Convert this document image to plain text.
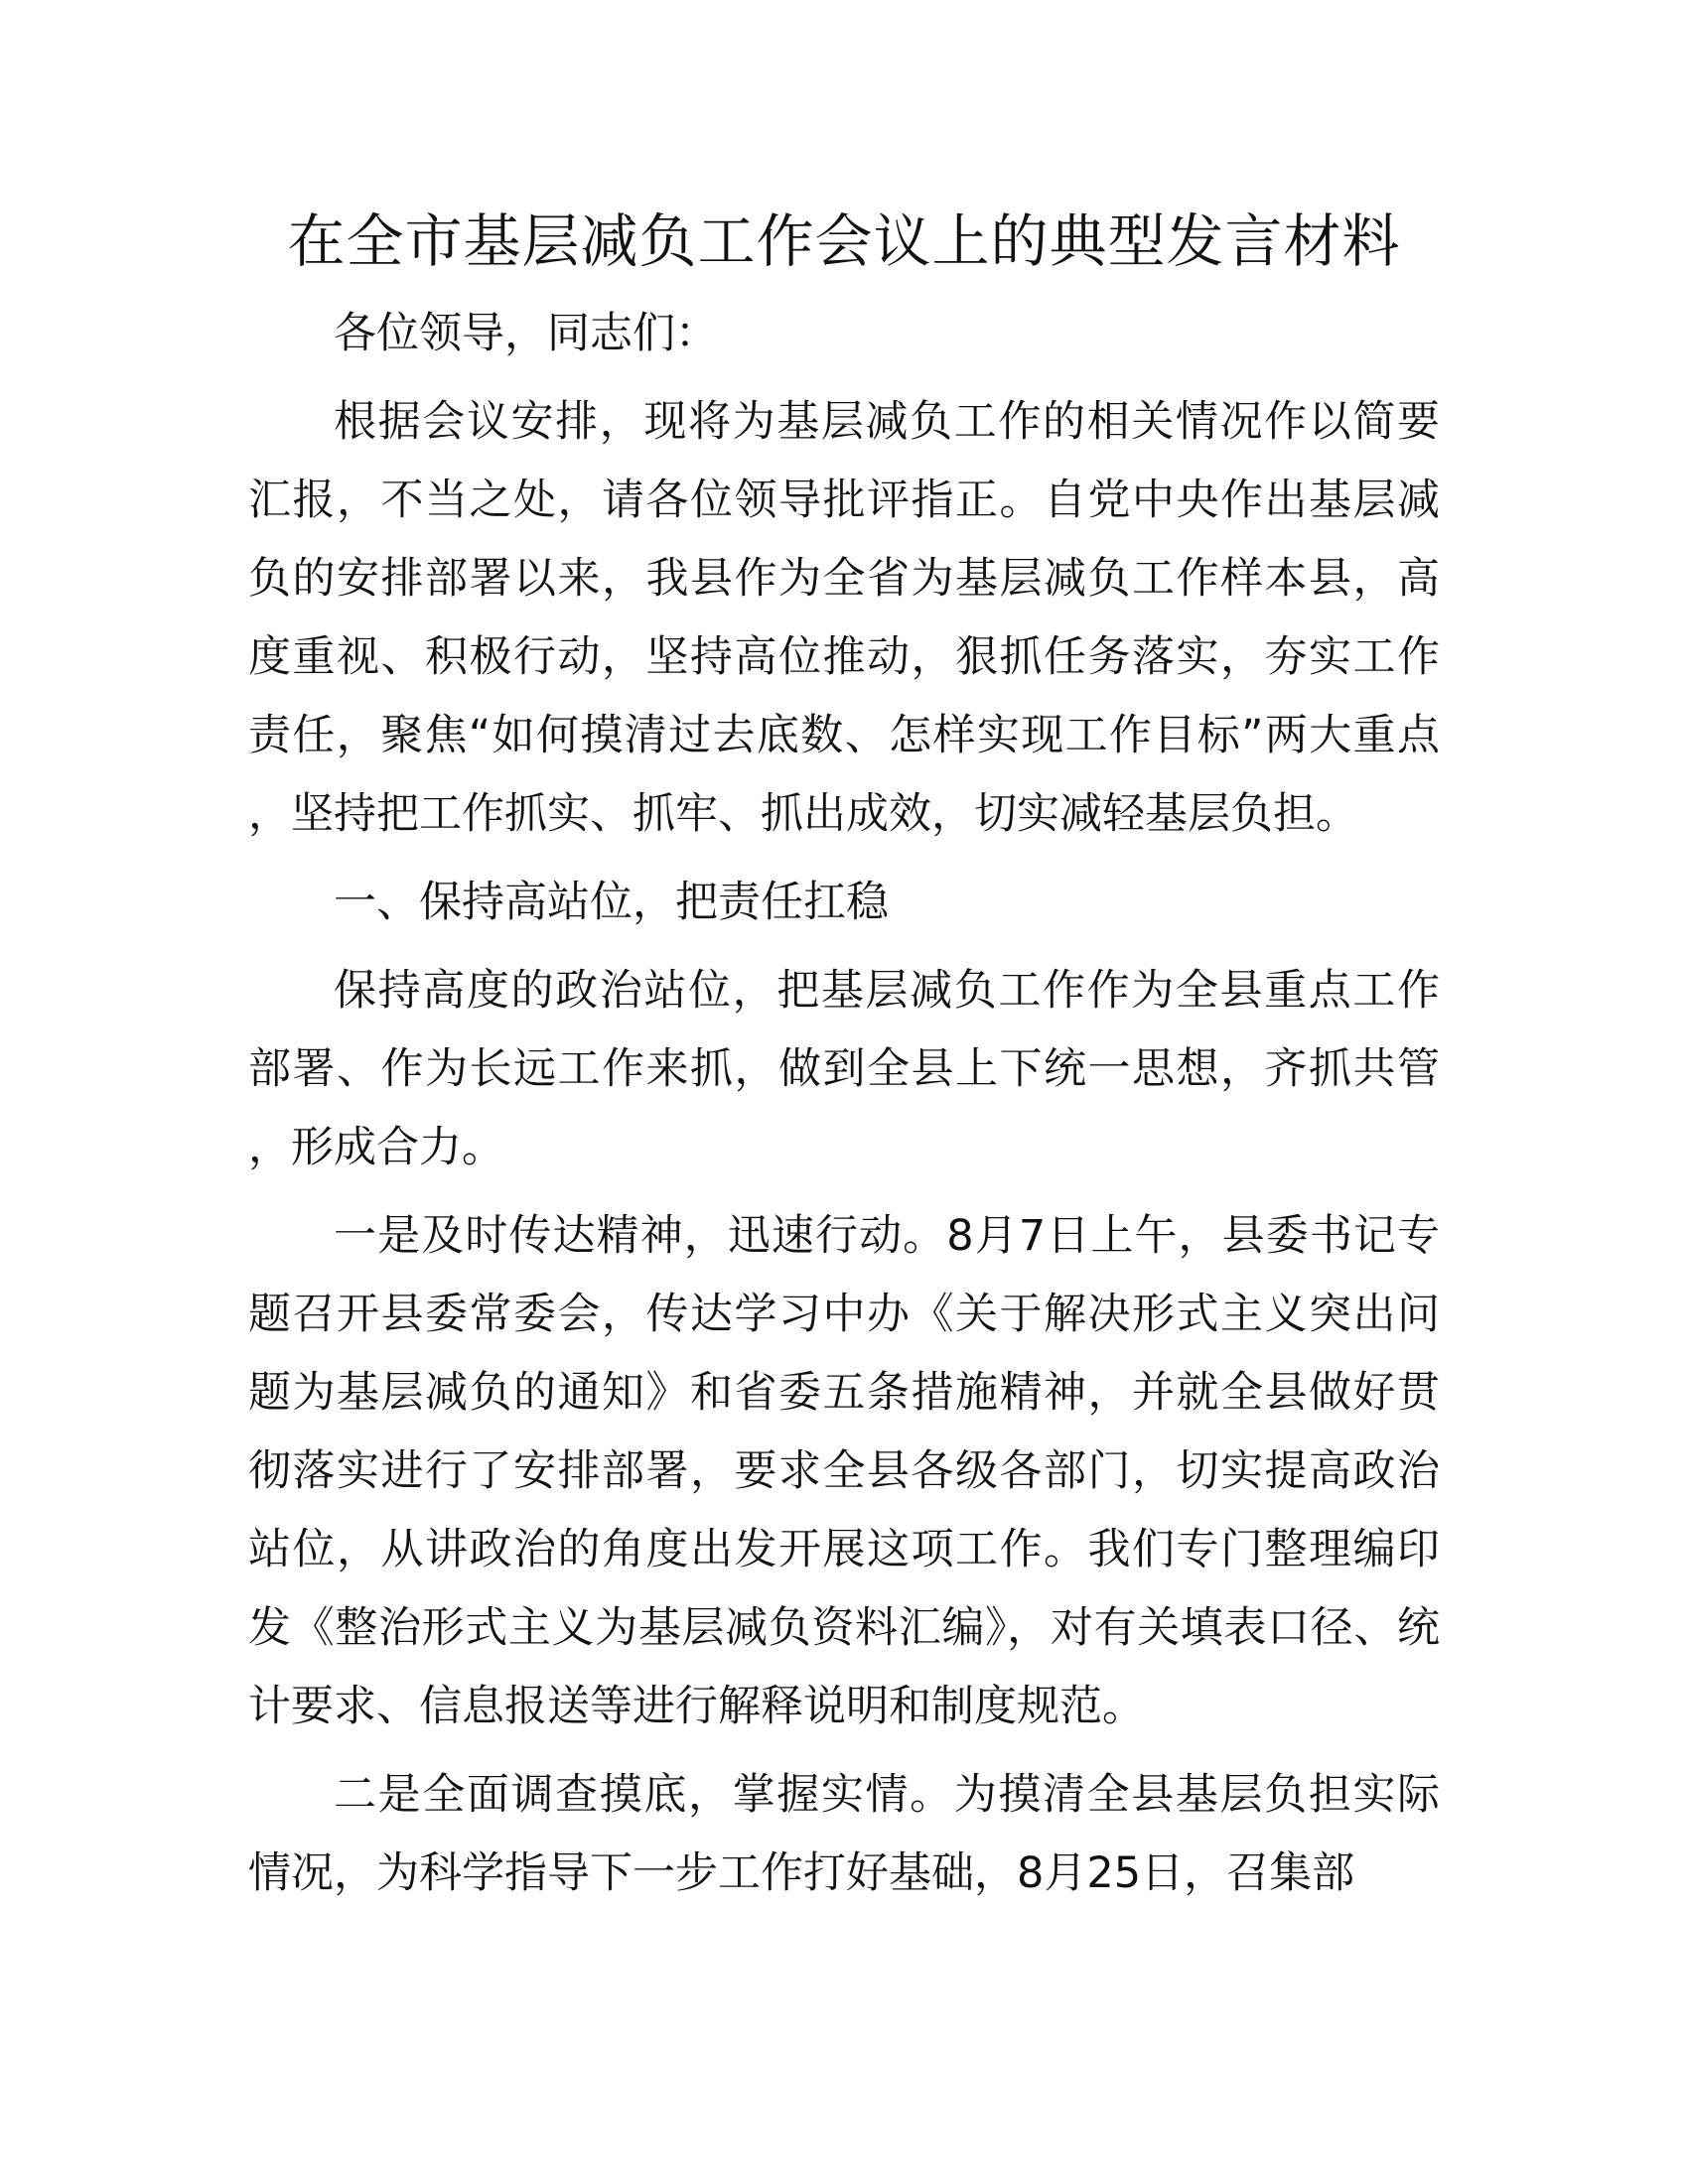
在全市基层减负工作会议上的典型发言材料

各位领导，同志们：

根据会议安排，现将为基层减负工作的相关情况作以简要汇报，不当之处，请各位领导批评指正。自党中央作出基层减负的安排部署以来，我县作为全省为基层减负工作样本县，高度重视、积极行动，坚持高位推动，狠抓任务落实，夯实工作责任，聚焦“如何摸清过去底数、怎样实现工作目标”两大重点，坚持把工作抓实、抓牢、抓出成效，切实减轻基层负担。

一、保持高站位，把责任扛稳

保持高度的政治站位，把基层减负工作作为全县重点工作部署、作为长远工作来抓，做到全县上下统一思想，齐抓共管，形成合力。

一是及时传达精神，迅速行动。8月7日上午，县委书记专题召开县委常委会，传达学习中办《关于解决形式主义突出问题为基层减负的通知》和省委五条措施精神，并就全县做好贯彻落实进行了安排部署，要求全县各级各部门，切实提高政治站位，从讲政治的角度出发开展这项工作。我们专门整理编印发《整治形式主义为基层减负资料汇编》，对有关填表口径、统计要求、信息报送等进行解释说明和制度规范。

二是全面调查摸底，掌握实情。为摸清全县基层负担实际情况，为科学指导下一步工作打好基础，8月25日，召集部
